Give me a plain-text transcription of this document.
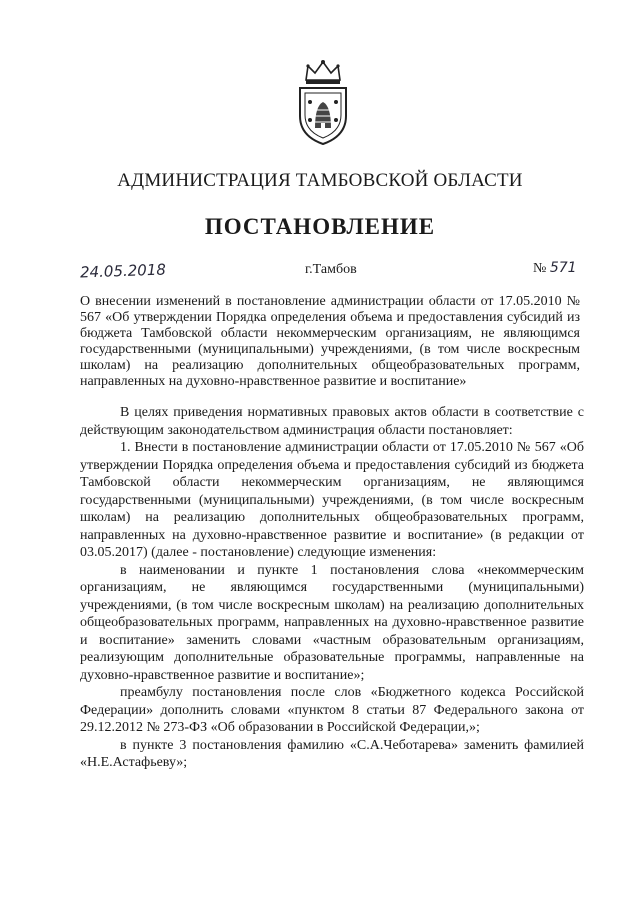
АДМИНИСТРАЦИЯ ТАМБОВСКОЙ ОБЛАСТИ
ПОСТАНОВЛЕНИЕ
24.05.2018	г.Тамбов	№ 571
О внесении изменений в постановление администрации области от 17.05.2010 № 567 «Об утверждении Порядка определения объема и предоставления субсидий из бюджета Тамбовской области некоммерческим организациям, не являющимся государственными (муниципальными) учреждениями, (в том числе воскресным школам) на реализацию дополнительных общеобразовательных программ, направленных на духовно-нравственное развитие и воспитание»

В целях приведения нормативных правовых актов области в соответствие с действующим законодательством администрация области постановляет:

1. Внести в постановление администрации области от 17.05.2010 № 567 «Об утверждении Порядка определения объема и предоставления субсидий из бюджета Тамбовской области некоммерческим организациям, не являющимся государственными (муниципальными) учреждениями, (в том числе воскресным школам) на реализацию дополнительных общеобразовательных программ, направленных на духовно-нравственное развитие и воспитание» (в редакции от 03.05.2017) (далее - постановление) следующие изменения:

в наименовании и пункте 1 постановления слова «некоммерческим организациям, не являющимся государственными (муниципальными) учреждениями, (в том числе воскресным школам) на реализацию дополнительных общеобразовательных программ, направленных на духовно-нравственное развитие и воспитание» заменить словами «частным образовательным организациям, реализующим дополнительные образовательные программы, направленные на духовно-нравственное развитие и воспитание»;

преамбулу постановления после слов «Бюджетного кодекса Российской Федерации» дополнить словами «пунктом 8 статьи 87 Федерального закона от 29.12.2012 № 273-ФЗ «Об образовании в Российской Федерации,»;

в пункте 3 постановления фамилию «С.А.Чеботарева» заменить фамилией «Н.Е.Астафьеву»;
